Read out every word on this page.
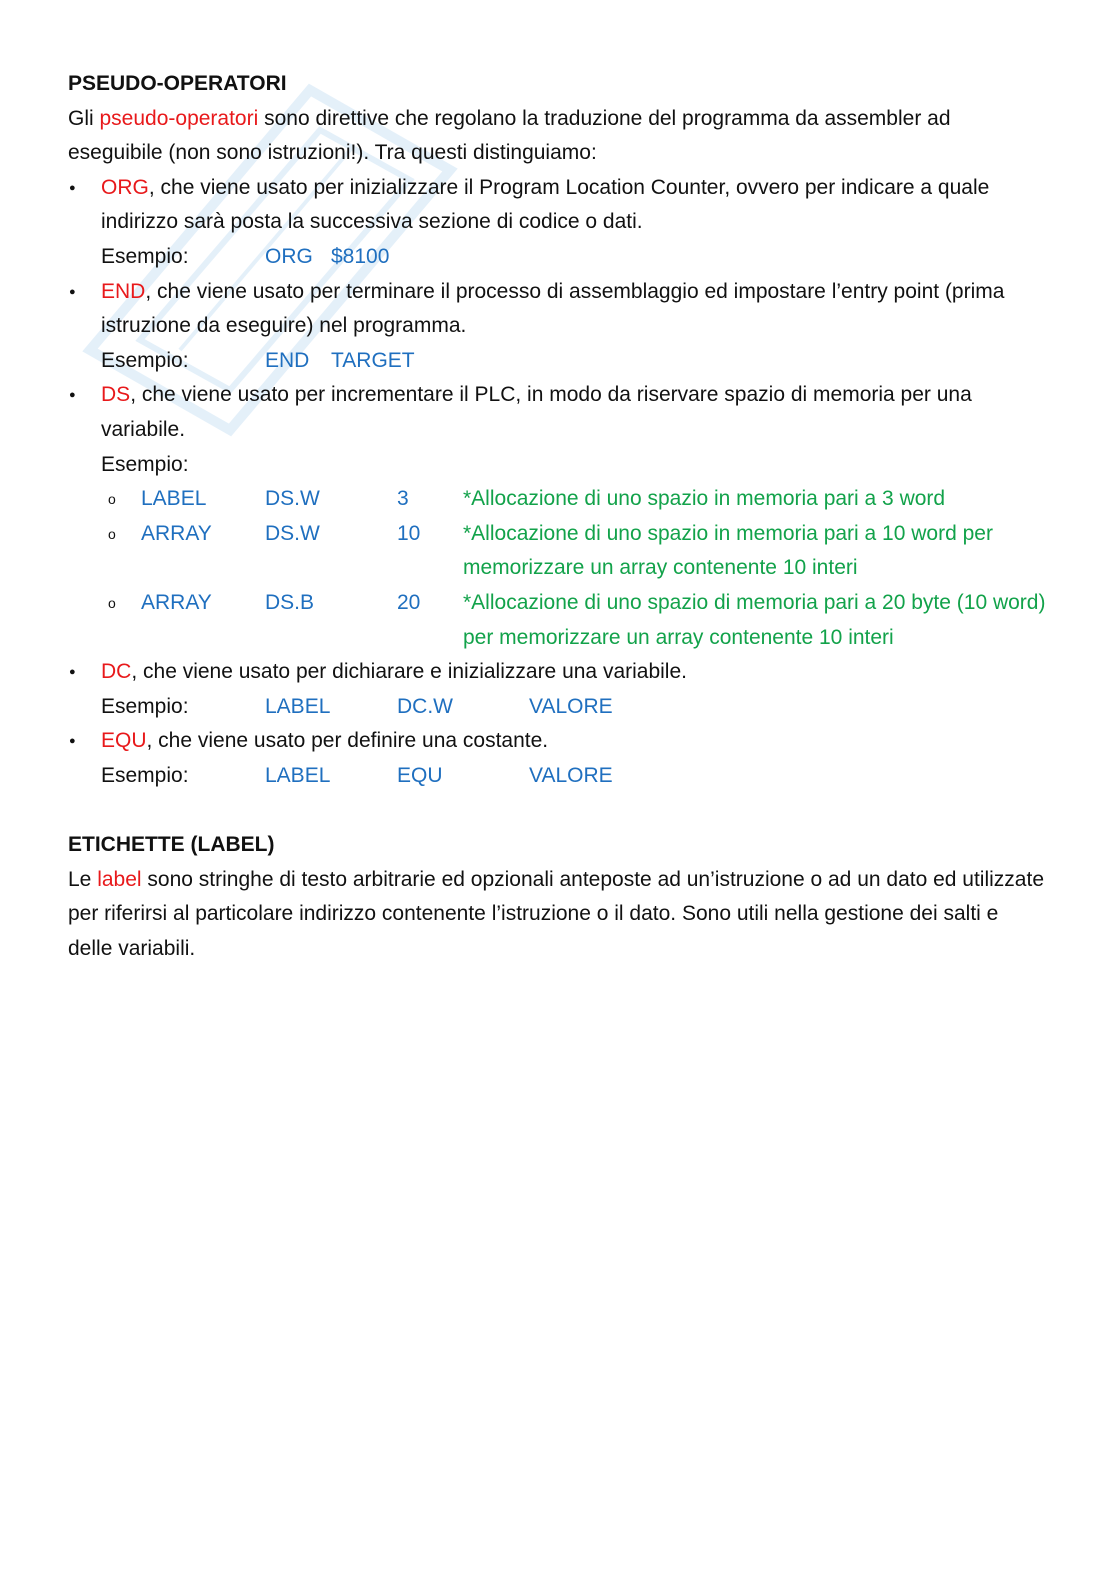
PSEUDO-OPERATORI

Gli pseudo-operatori sono direttive che regolano la traduzione del programma da assembler ad eseguibile (non sono istruzioni!). Tra questi distinguiamo:

ORG, che viene usato per inizializzare il Program Location Counter, ovvero per indicare a quale indirizzo sarà posta la successiva sezione di codice o dati.
Esempio:	ORG $8100
END, che viene usato per terminare il processo di assemblaggio ed impostare l’entry point (prima istruzione da eseguire) nel programma.
Esempio:	END TARGET
DS, che viene usato per incrementare il PLC, in modo da riservare spazio di memoria per una variabile.
Esempio:
o LABEL	DS.W	3	*Allocazione di uno spazio in memoria pari a 3 word
o ARRAY	DS.W	10 *Allocazione di uno spazio in memoria pari a 10 word per memorizzare un array contenente 10 interi
o ARRAY	DS.B	20 *Allocazione di uno spazio di memoria pari a 20 byte (10 word) per memorizzare un array contenente 10 interi
DC, che viene usato per dichiarare e inizializzare una variabile.
Esempio:	LABEL	DC.W	VALORE
EQU, che viene usato per definire una costante.
Esempio:	LABEL	EQU	VALORE

ETICHETTE (LABEL)

Le label sono stringhe di testo arbitrarie ed opzionali anteposte ad un’istruzione o ad un dato ed utilizzate per riferirsi al particolare indirizzo contenente l’istruzione o il dato. Sono utili nella gestione dei salti e delle variabili.
